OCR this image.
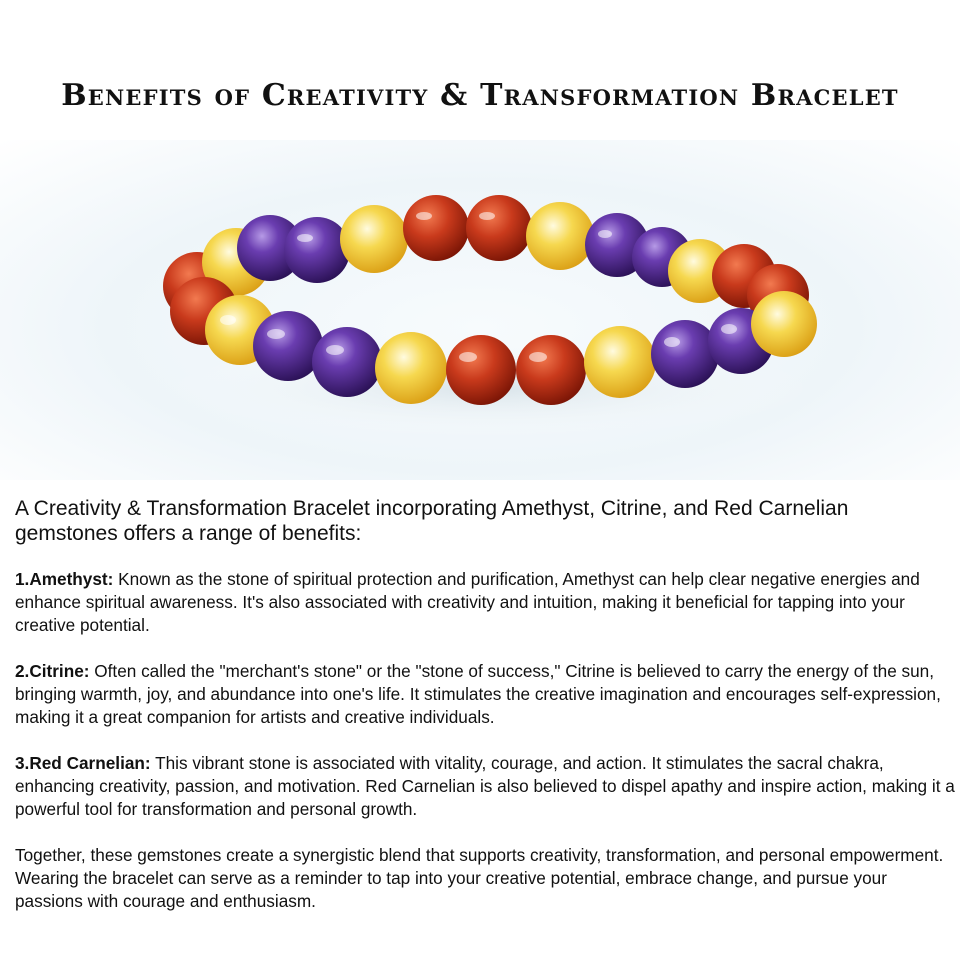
Benefits of Creativity & Transformation Bracelet

A Creativity & Transformation Bracelet incorporating Amethyst, Citrine, and Red Carnelian gemstones offers a range of benefits:

1.Amethyst: Known as the stone of spiritual protection and purification, Amethyst can help clear negative energies and enhance spiritual awareness. It's also associated with creativity and intuition, making it beneficial for tapping into your creative potential.

2.Citrine: Often called the "merchant's stone" or the "stone of success," Citrine is believed to carry the energy of the sun, bringing warmth, joy, and abundance into one's life. It stimulates the creative imagination and encourages self-expression, making it a great companion for artists and creative individuals.

3.Red Carnelian: This vibrant stone is associated with vitality, courage, and action. It stimulates the sacral chakra, enhancing creativity, passion, and motivation. Red Carnelian is also believed to dispel apathy and inspire action, making it a powerful tool for transformation and personal growth.

Together, these gemstones create a synergistic blend that supports creativity, transformation, and personal empowerment. Wearing the bracelet can serve as a reminder to tap into your creative potential, embrace change, and pursue your passions with courage and enthusiasm.
